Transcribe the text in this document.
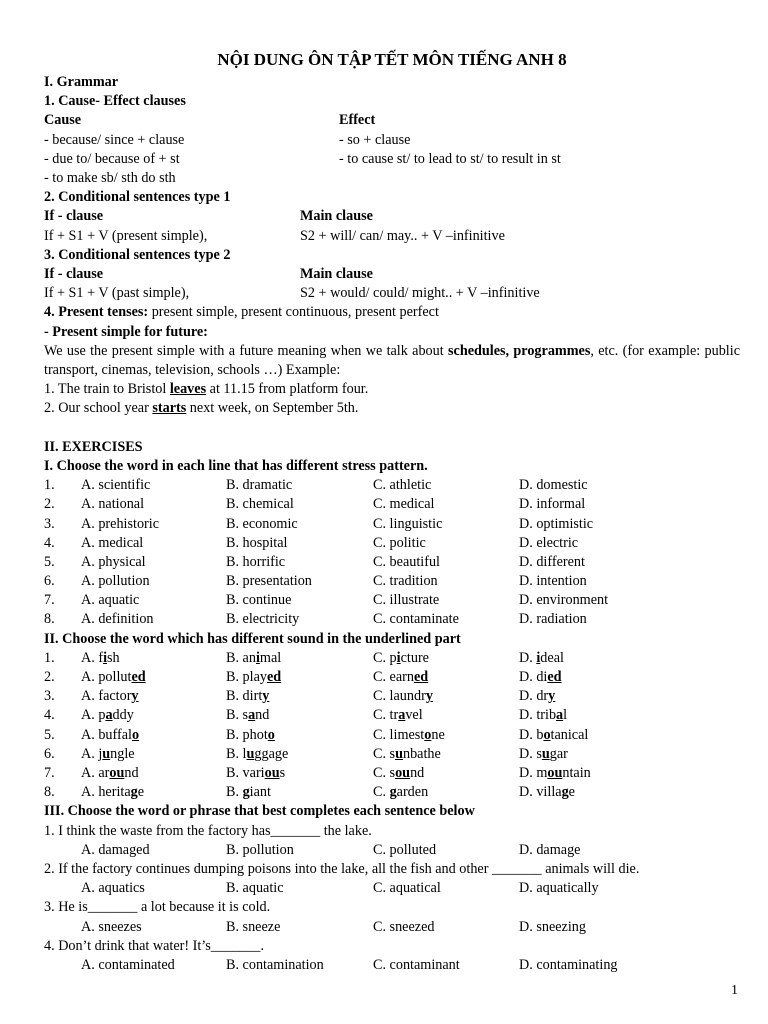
NỘI DUNG ÔN TẬP TẾT MÔN TIẾNG ANH 8
I. Grammar
1. Cause- Effect clauses
Cause	Effect
- because/ since + clause	- so + clause
- due to/ because of + st	- to cause st/ to lead to st/ to result in st
- to make sb/ sth do sth
2. Conditional sentences type 1
If - clause	Main clause
If + S1 + V (present simple),	S2 + will/ can/ may.. + V –infinitive
3. Conditional sentences type 2
If - clause	Main clause
If + S1 + V (past simple),	S2 + would/ could/ might.. + V –infinitive
4. Present tenses: present simple, present continuous, present perfect
- Present simple for future:
We use the present simple with a future meaning when we talk about schedules, programmes, etc. (for example: public transport, cinemas, television, schools …) Example:
1. The train to Bristol leaves at 11.15 from platform four.
2. Our school year starts next week, on September 5th.
II. EXERCISES
I. Choose the word in each line that has different stress pattern.
1. A. scientific	B. dramatic	C. athletic	D. domestic
2. A. national	B. chemical	C. medical	D. informal
3. A. prehistoric	B. economic	C. linguistic	D. optimistic
4. A. medical	B. hospital	C. politic	D. electric
5. A. physical	B. horrific	C. beautiful	D. different
6. A. pollution	B. presentation	C. tradition	D. intention
7. A. aquatic	B. continue	C. illustrate	D. environment
8. A. definition	B. electricity	C. contaminate	D. radiation
II. Choose the word which has different sound in the underlined part
1. A. fish	B. animal	C. picture	D. ideal
2. A. polluted	B. played	C. earned	D. died
3. A. factory	B. dirty	C. laundry	D. dry
4. A. paddy	B. sand	C. travel	D. tribal
5. A. buffalo	B. photo	C. limestone	D. botanical
6. A. jungle	B. luggage	C. sunbathe	D. sugar
7. A. around	B. various	C. sound	D. mountain
8. A. heritage	B. giant	C. garden	D. village
III. Choose the word or phrase that best completes each sentence below
1. I think the waste from the factory has_______ the lake.
A. damaged	B. pollution	C. polluted	D. damage
2. If the factory continues dumping poisons into the lake, all the fish and other _______ animals will die.
A. aquatics	B. aquatic	C. aquatical	D. aquatically
3. He is_______ a lot because it is cold.
A. sneezes	B. sneeze	C. sneezed	D. sneezing
4. Don’t drink that water! It’s_______.
A. contaminated	B. contamination	C. contaminant	D. contaminating
1
